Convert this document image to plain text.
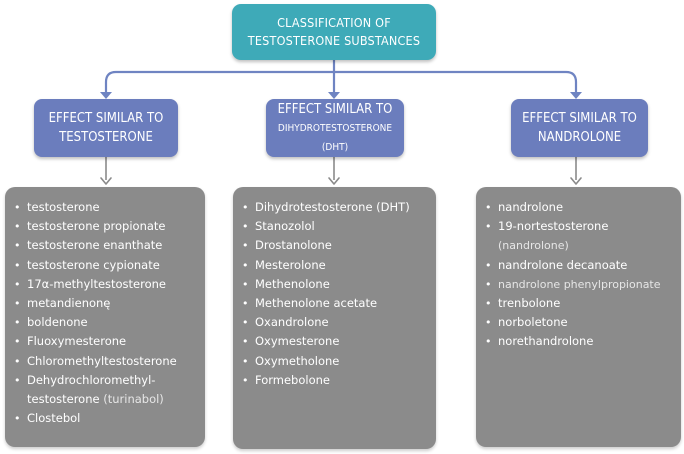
CLASSIFICATION OF
TESTOSTERONE SUBSTANCES
EFFECT SIMILAR TO
TESTOSTERONE
EFFECT SIMILAR TO
DIHYDROTESTOSTERONE (DHT)
EFFECT SIMILAR TO
NANDROLONE
• testosterone
• testosterone propionate
• testosterone enanthate
• testosterone cypionate
• 17α-methyltestosterone
• metandienonę
• boldenone
• Fluoxymesterone
• Chloromethyltestosterone
• Dehydrochloromethyl-
testosterone (turinabol)
• Clostebol
• Dihydrotestosterone (DHT)
• Stanozolol
• Drostanolone
• Mesterolone
• Methenolone
• Methenolone acetate
• Oxandrolone
• Oxymesterone
• Oxymetholone
• Formebolone
• nandrolone
• 19-nortestosterone
(nandrolone)
• nandrolone decanoate
• nandrolone phenylpropionate
• trenbolone
• norboletone
• norethandrolone
